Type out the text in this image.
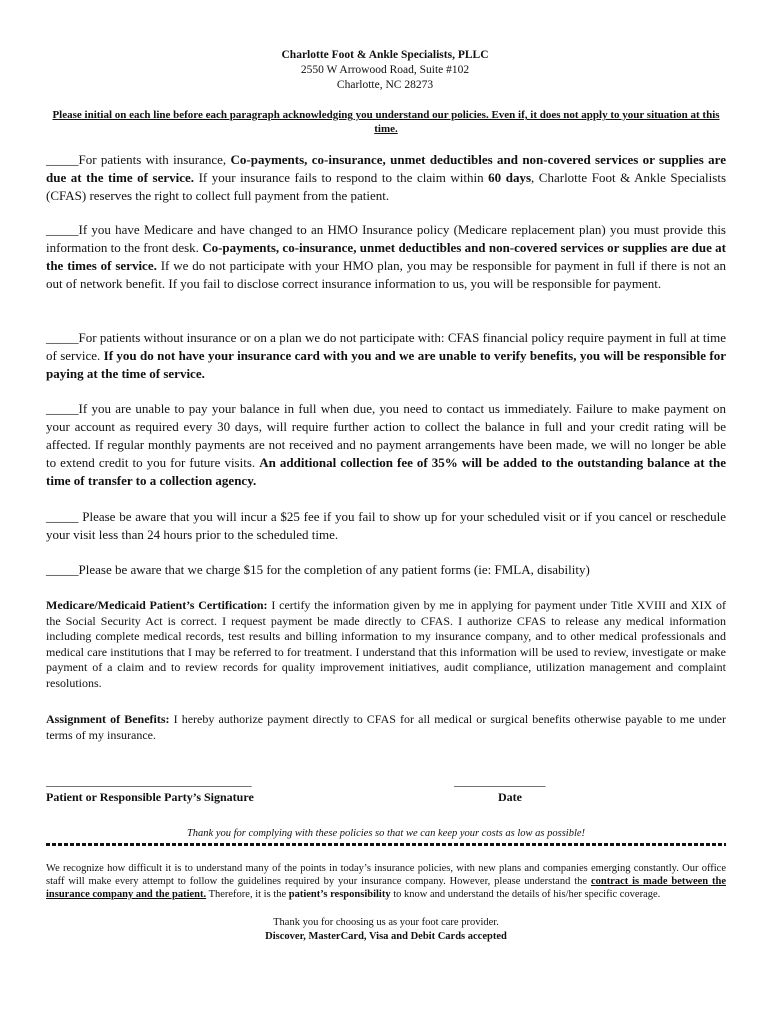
Charlotte Foot & Ankle Specialists, PLLC
2550 W Arrowood Road, Suite #102
Charlotte, NC 28273
Please initial on each line before each paragraph acknowledging you understand our policies. Even if, it does not apply to your situation at this time.
_____For patients with insurance, Co-payments, co-insurance, unmet deductibles and non-covered services or supplies are due at the time of service. If your insurance fails to respond to the claim within 60 days, Charlotte Foot & Ankle Specialists (CFAS) reserves the right to collect full payment from the patient.
_____If you have Medicare and have changed to an HMO Insurance policy (Medicare replacement plan) you must provide this information to the front desk. Co-payments, co-insurance, unmet deductibles and non-covered services or supplies are due at the times of service. If we do not participate with your HMO plan, you may be responsible for payment in full if there is not an out of network benefit. If you fail to disclose correct insurance information to us, you will be responsible for payment.
_____For patients without insurance or on a plan we do not participate with: CFAS financial policy require payment in full at time of service. If you do not have your insurance card with you and we are unable to verify benefits, you will be responsible for paying at the time of service.
_____If you are unable to pay your balance in full when due, you need to contact us immediately. Failure to make payment on your account as required every 30 days, will require further action to collect the balance in full and your credit rating will be affected. If regular monthly payments are not received and no payment arrangements have been made, we will no longer be able to extend credit to you for future visits. An additional collection fee of 35% will be added to the outstanding balance at the time of transfer to a collection agency.
_____ Please be aware that you will incur a $25 fee if you fail to show up for your scheduled visit or if you cancel or reschedule your visit less than 24 hours prior to the scheduled time.
_____Please be aware that we charge $15 for the completion of any patient forms (ie: FMLA, disability)
Medicare/Medicaid Patient’s Certification: I certify the information given by me in applying for payment under Title XVIII and XIX of the Social Security Act is correct. I request payment be made directly to CFAS. I authorize CFAS to release any medical information including complete medical records, test results and billing information to my insurance company, and to other medical professionals and medical care institutions that I may be referred to for treatment. I understand that this information will be used to review, investigate or make payment of a claim and to review records for quality improvement initiatives, audit compliance, utilization management and complaint resolutions.
Assignment of Benefits: I hereby authorize payment directly to CFAS for all medical or surgical benefits otherwise payable to me under terms of my insurance.
____________________________________
Patient or Responsible Party’s Signature
________________
Date
Thank you for complying with these policies so that we can keep your costs as low as possible!
We recognize how difficult it is to understand many of the points in today’s insurance policies, with new plans and companies emerging constantly. Our office staff will make every attempt to follow the guidelines required by your insurance company. However, please understand the contract is made between the insurance company and the patient. Therefore, it is the patient’s responsibility to know and understand the details of his/her specific coverage.
Thank you for choosing us as your foot care provider.
Discover, MasterCard, Visa and Debit Cards accepted
